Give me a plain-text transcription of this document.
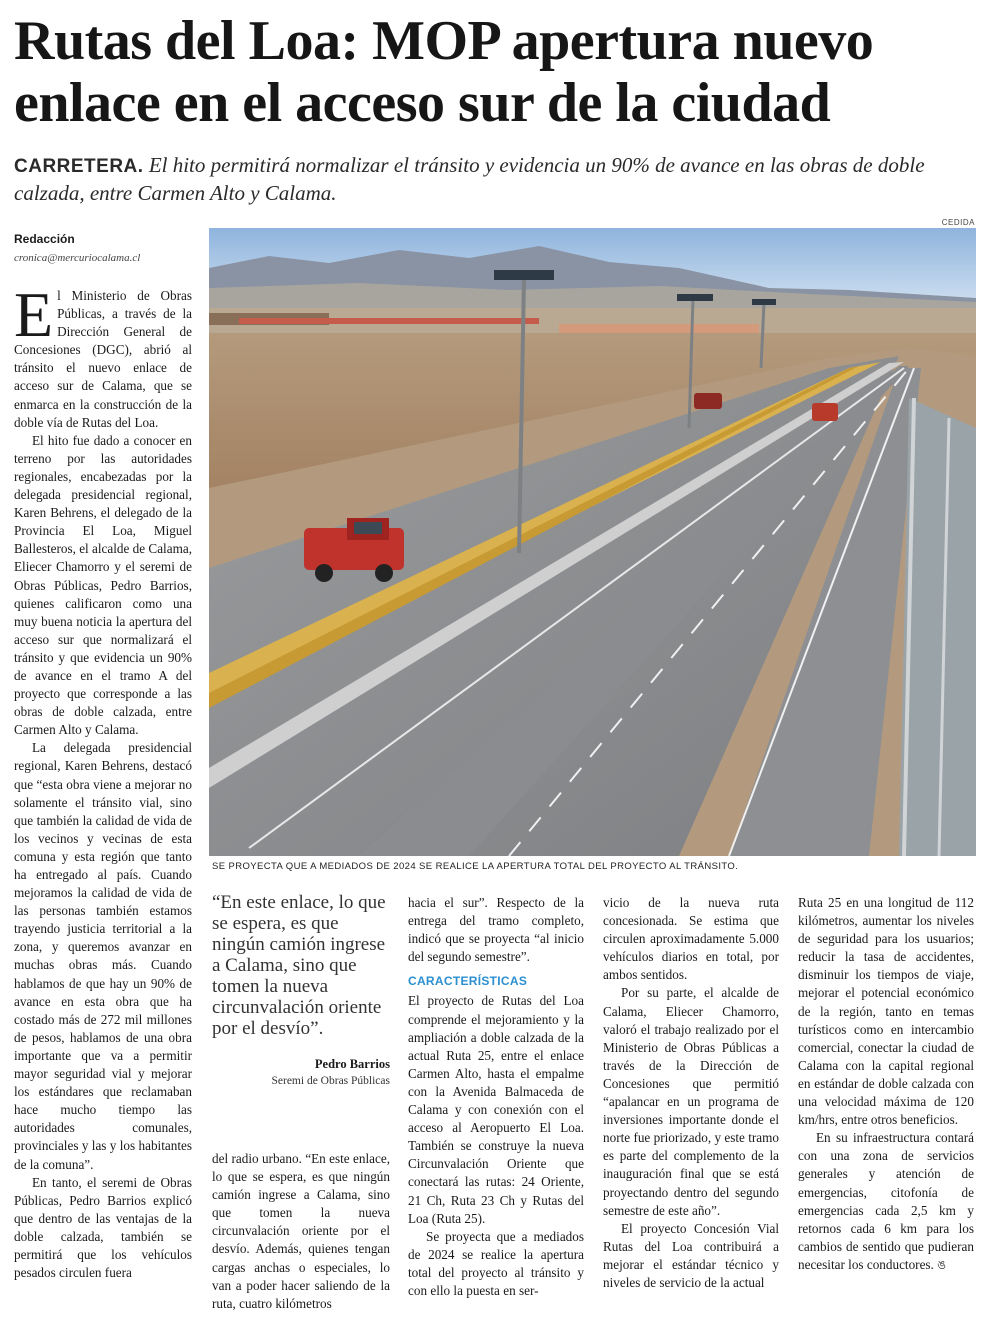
Rutas del Loa: MOP apertura nuevo enlace en el acceso sur de la ciudad
CARRETERA. El hito permitirá normalizar el tránsito y evidencia un 90% de avance en las obras de doble calzada, entre Carmen Alto y Calama.
CEDIDA
Redacción
cronica@mercuriocalama.cl
SE PROYECTA QUE A MEDIADOS DE 2024 SE REALICE LA APERTURA TOTAL DEL PROYECTO AL TRÁNSITO.

El Ministerio de Obras Públicas, a través de la Dirección General de Concesiones (DGC), abrió al tránsito el nuevo enlace de acceso sur de Calama, que se enmarca en la construcción de la doble vía de Rutas del Loa.

El hito fue dado a conocer en terreno por las autoridades regionales, encabezadas por la delegada presidencial regional, Karen Behrens, el delegado de la Provincia El Loa, Miguel Ballesteros, el alcalde de Calama, Eliecer Chamorro y el seremi de Obras Públicas, Pedro Barrios, quienes calificaron como una muy buena noticia la apertura del acceso sur que normalizará el tránsito y que evidencia un 90% de avance en el tramo A del proyecto que corresponde a las obras de doble calzada, entre Carmen Alto y Calama.

La delegada presidencial regional, Karen Behrens, destacó que “esta obra viene a mejorar no solamente el tránsito vial, sino que también la calidad de vida de los vecinos y vecinas de esta comuna y esta región que tanto ha entregado al país. Cuando mejoramos la calidad de vida de las personas también estamos trayendo justicia territorial a la zona, y queremos avanzar en muchas obras más. Cuando hablamos de que hay un 90% de avance en esta obra que ha costado más de 272 mil millones de pesos, hablamos de una obra importante que va a permitir mayor seguridad vial y mejorar los estándares que reclamaban hace mucho tiempo las autoridades comunales, provinciales y las y los habitantes de la comuna”.

En tanto, el seremi de Obras Públicas, Pedro Barrios explicó que dentro de las ventajas de la doble calzada, también se permitirá que los vehículos pesados circulen fuera

“En este enlace, lo que se espera, es que ningún camión ingrese a Calama, sino que tomen la nueva circunvalación oriente por el desvío”.
Pedro Barrios
Seremi de Obras Públicas

del radio urbano. “En este enlace, lo que se espera, es que ningún camión ingrese a Calama, sino que tomen la nueva circunvalación oriente por el desvío. Además, quienes tengan cargas anchas o especiales, lo van a poder hacer saliendo de la ruta, cuatro kilómetros

hacia el sur”. Respecto de la entrega del tramo completo, indicó que se proyecta “al inicio del segundo semestre”.

CARACTERÍSTICAS

El proyecto de Rutas del Loa comprende el mejoramiento y la ampliación a doble calzada de la actual Ruta 25, entre el enlace Carmen Alto, hasta el empalme con la Avenida Balmaceda de Calama y con conexión con el acceso al Aeropuerto El Loa. También se construye la nueva Circunvalación Oriente que conectará las rutas: 24 Oriente, 21 Ch, Ruta 23 Ch y Rutas del Loa (Ruta 25).

Se proyecta que a mediados de 2024 se realice la apertura total del proyecto al tránsito y con ello la puesta en ser-

vicio de la nueva ruta concesionada. Se estima que circulen aproximadamente 5.000 vehículos diarios en total, por ambos sentidos.

Por su parte, el alcalde de Calama, Eliecer Chamorro, valoró el trabajo realizado por el Ministerio de Obras Públicas a través de la Dirección de Concesiones que permitió “apalancar en un programa de inversiones importante donde el norte fue priorizado, y este tramo es parte del complemento de la inauguración final que se está proyectando dentro del segundo semestre de este año”.

El proyecto Concesión Vial Rutas del Loa contribuirá a mejorar el estándar técnico y niveles de servicio de la actual

Ruta 25 en una longitud de 112 kilómetros, aumentar los niveles de seguridad para los usuarios; reducir la tasa de accidentes, disminuir los tiempos de viaje, mejorar el potencial económico de la región, tanto en temas turísticos como en intercambio comercial, conectar la ciudad de Calama con la capital regional en estándar de doble calzada con una velocidad máxima de 120 km/hrs, entre otros beneficios.

En su infraestructura contará con una zona de servicios generales y atención de emergencias, citofonía de emergencias cada 2,5 km y retornos cada 6 km para los cambios de sentido que pudieran necesitar los conductores. ঙ
